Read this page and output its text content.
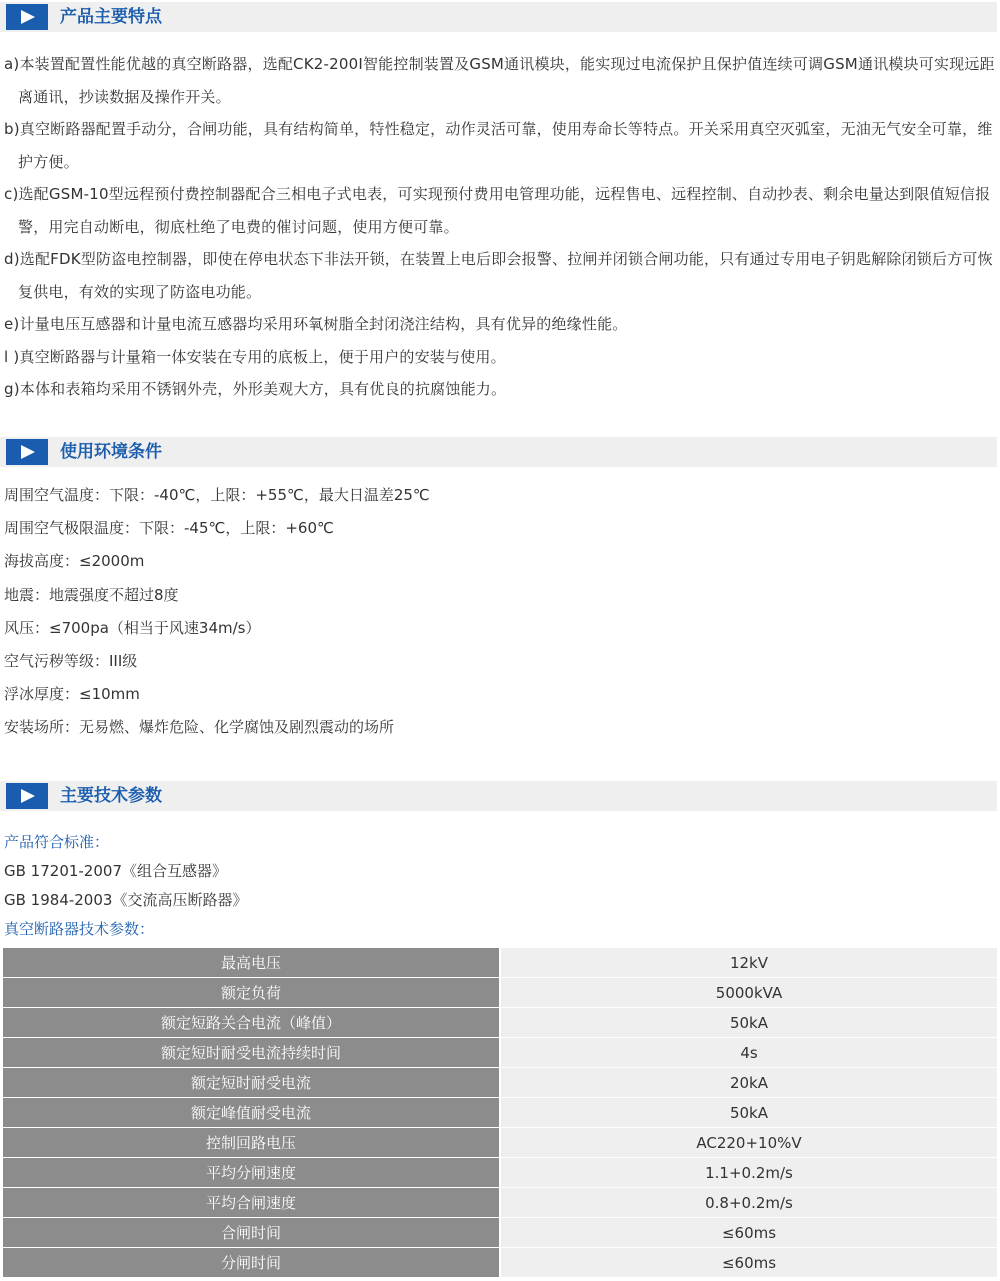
产品主要特点
a)本装置配置性能优越的真空断路器，选配CK2-200I智能控制装置及GSM通讯模块，能实现过电流保护且保护值连续可调GSM通讯模块可实现远距离通讯，抄读数据及操作开关。
b)真空断路器配置手动分，合闸功能，具有结构简单，特性稳定，动作灵活可靠，使用寿命长等特点。开关采用真空灭弧室，无油无气安全可靠，维护方便。
c)选配GSM-10型远程预付费控制器配合三相电子式电表，可实现预付费用电管理功能，远程售电、远程控制、自动抄表、剩余电量达到限值短信报警，用完自动断电，彻底杜绝了电费的催讨问题，使用方便可靠。
d)选配FDK型防盗电控制器，即使在停电状态下非法开锁，在装置上电后即会报警、拉闸并闭锁合闸功能，只有通过专用电子钥匙解除闭锁后方可恢复供电，有效的实现了防盗电功能。
e)计量电压互感器和计量电流互感器均采用环氧树脂全封闭浇注结构，具有优异的绝缘性能。
l )真空断路器与计量箱一体安装在专用的底板上，便于用户的安装与使用。
g)本体和表箱均采用不锈钢外壳，外形美观大方，具有优良的抗腐蚀能力。
使用环境条件
周围空气温度：下限：-40℃，上限：+55℃，最大日温差25℃
周围空气极限温度：下限：-45℃，上限：+60℃
海拔高度：≤2000m
地震：地震强度不超过8度
风压：≤700pa（相当于风速34m/s）
空气污秽等级：III级
浮冰厚度：≤10mm
安装场所：无易燃、爆炸危险、化学腐蚀及剧烈震动的场所
主要技术参数
产品符合标准：
GB 17201-2007《组合互感器》
GB 1984-2003《交流高压断路器》
真空断路器技术参数：
最高电压	12kV
额定负荷	5000kVA
额定短路关合电流（峰值）	50kA
额定短时耐受电流持续时间	4s
额定短时耐受电流	20kA
额定峰值耐受电流	50kA
控制回路电压	AC220+10%V
平均分闸速度	1.1+0.2m/s
平均合闸速度	0.8+0.2m/s
合闸时间	≤60ms
分闸时间	≤60ms
